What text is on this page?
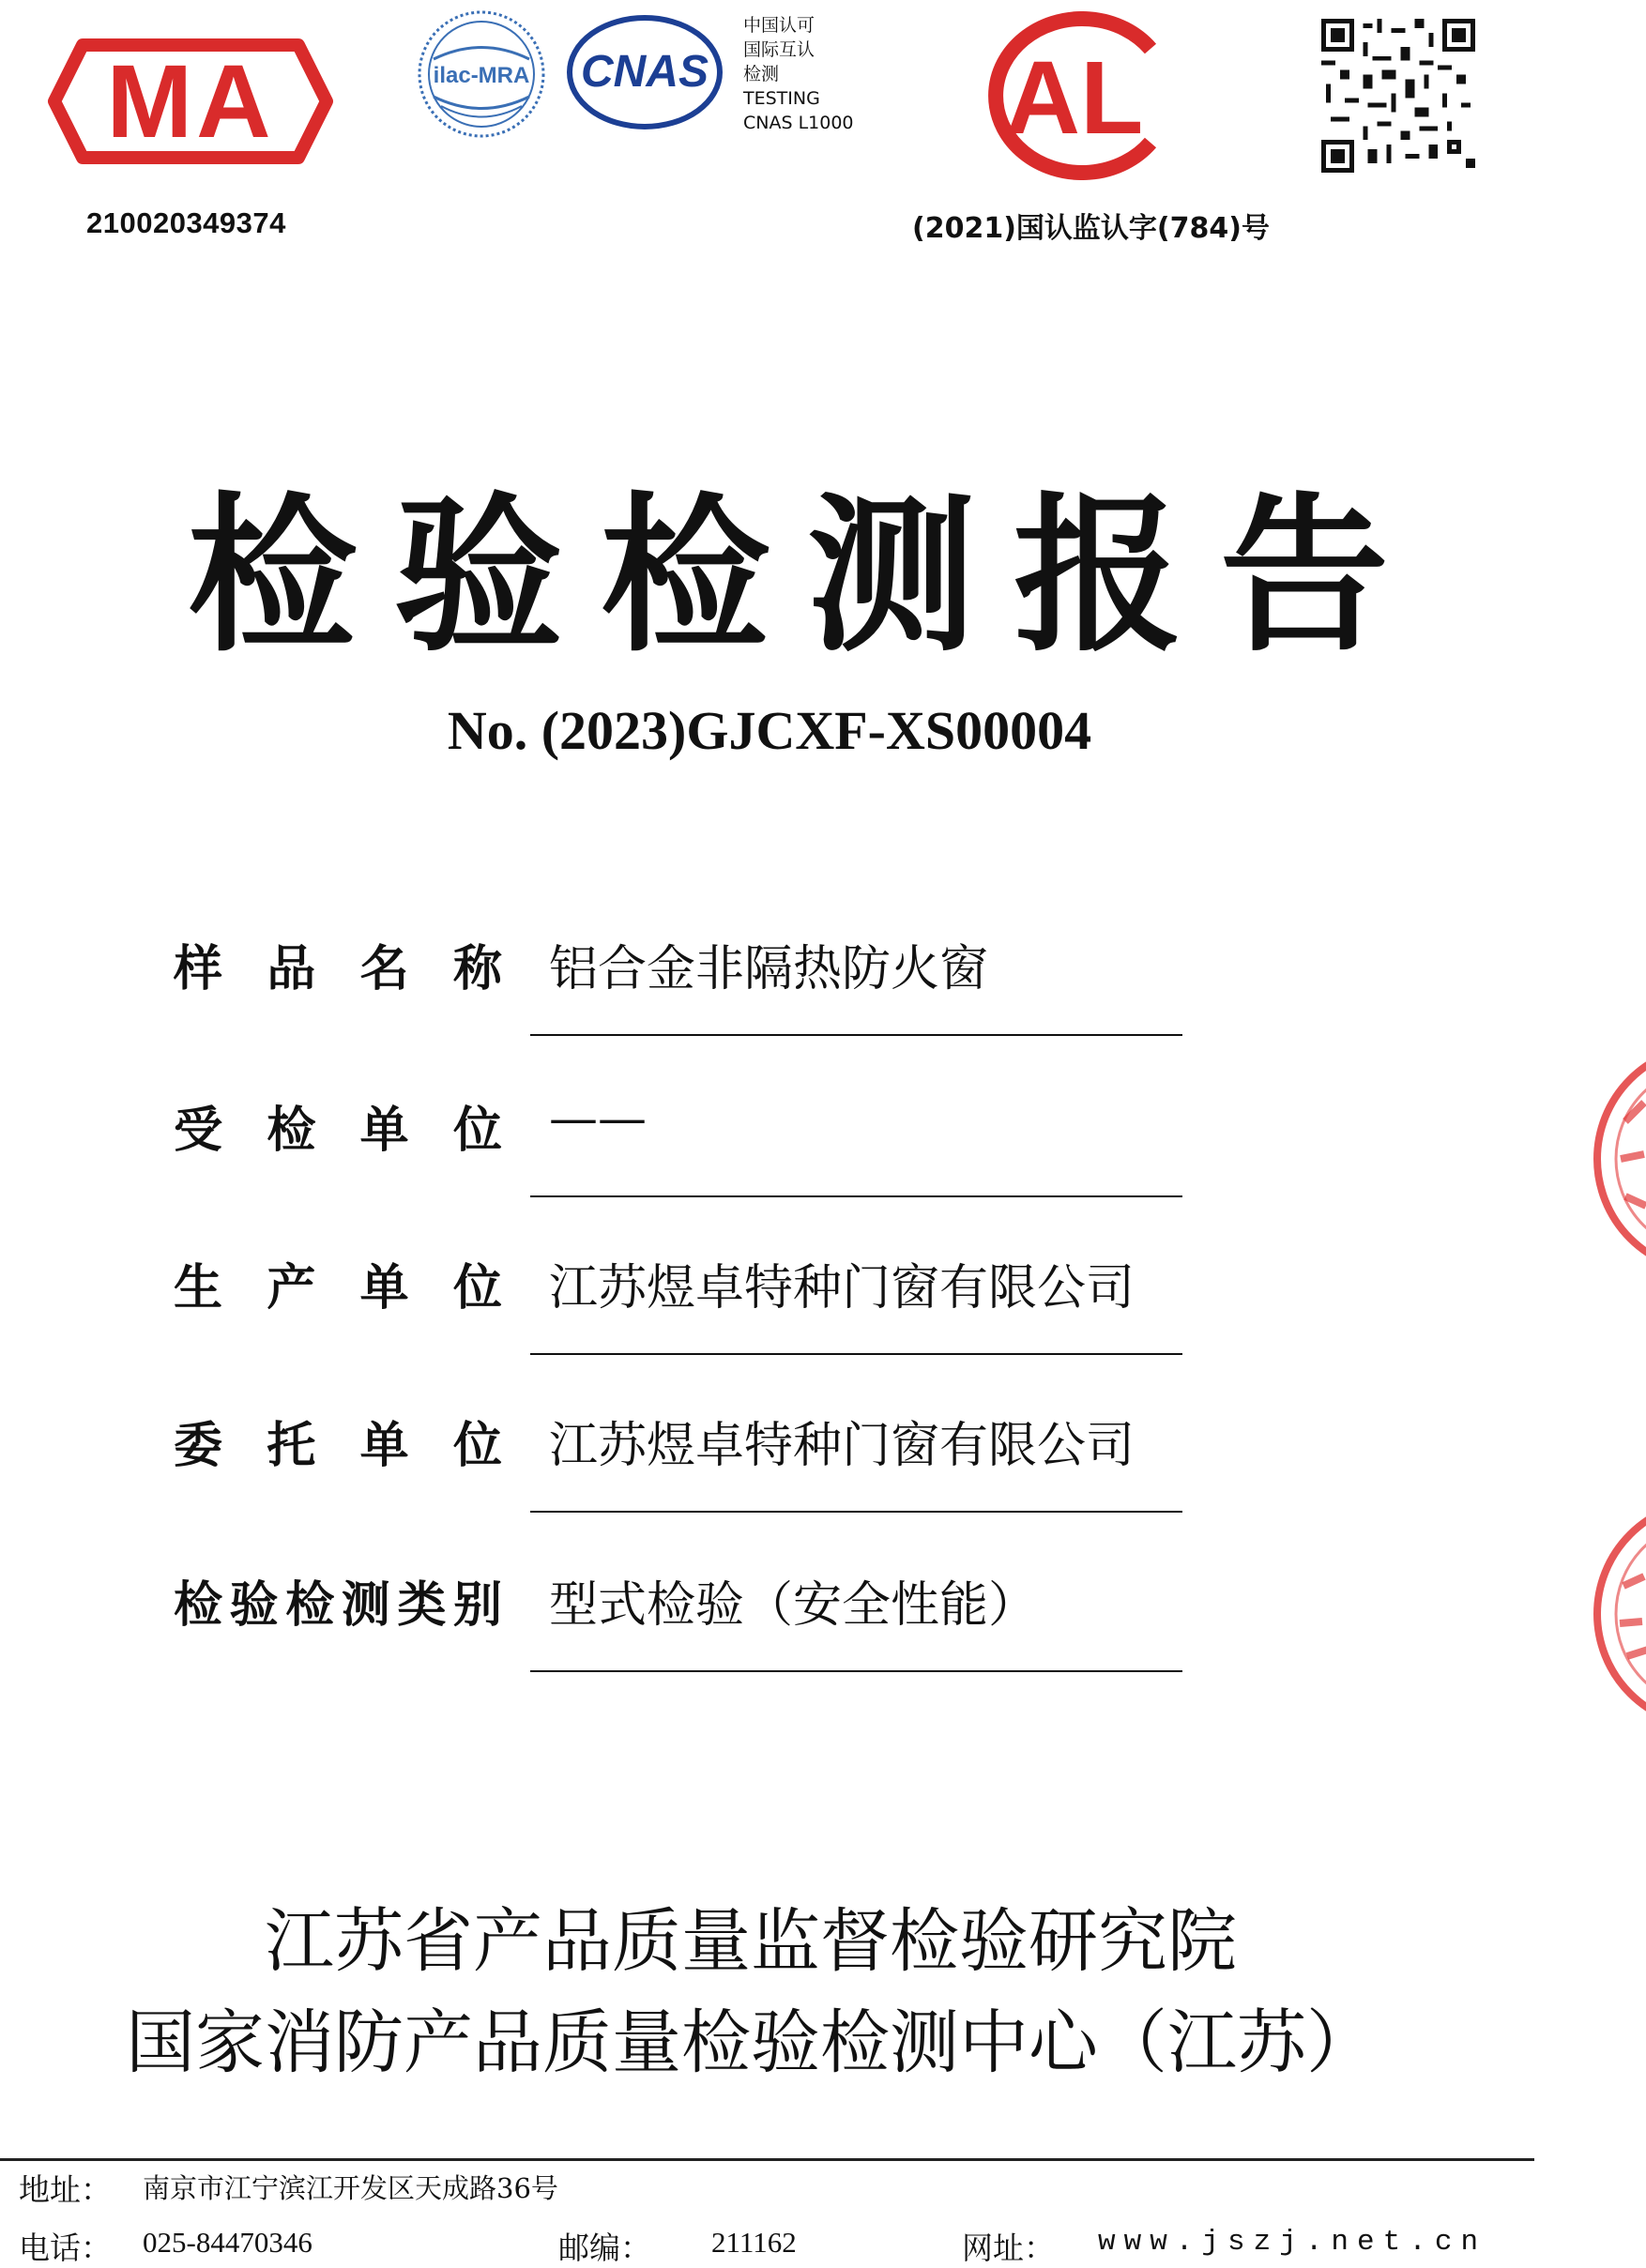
MA
210020349374
ilac-MRA CNAS
中国认可
国际互认
检测
TESTING
CNAS L1000 AL
(2021)国认监认字(784)号
检验检测报告
No. (2023)GJCXF-XS00004
样品名称 铝合金非隔热防火窗
受检单位 ——
生产单位 江苏煜卓特种门窗有限公司
委托单位 江苏煜卓特种门窗有限公司
检验检测类别 型式检验（安全性能）
江苏省产品质量监督检验研究院
国家消防产品质量检验检测中心（江苏）
地址： 南京市江宁滨江开发区天成路36号
电话： 025-84470346	邮编： 211162	网址： www.jszj.net.cn
